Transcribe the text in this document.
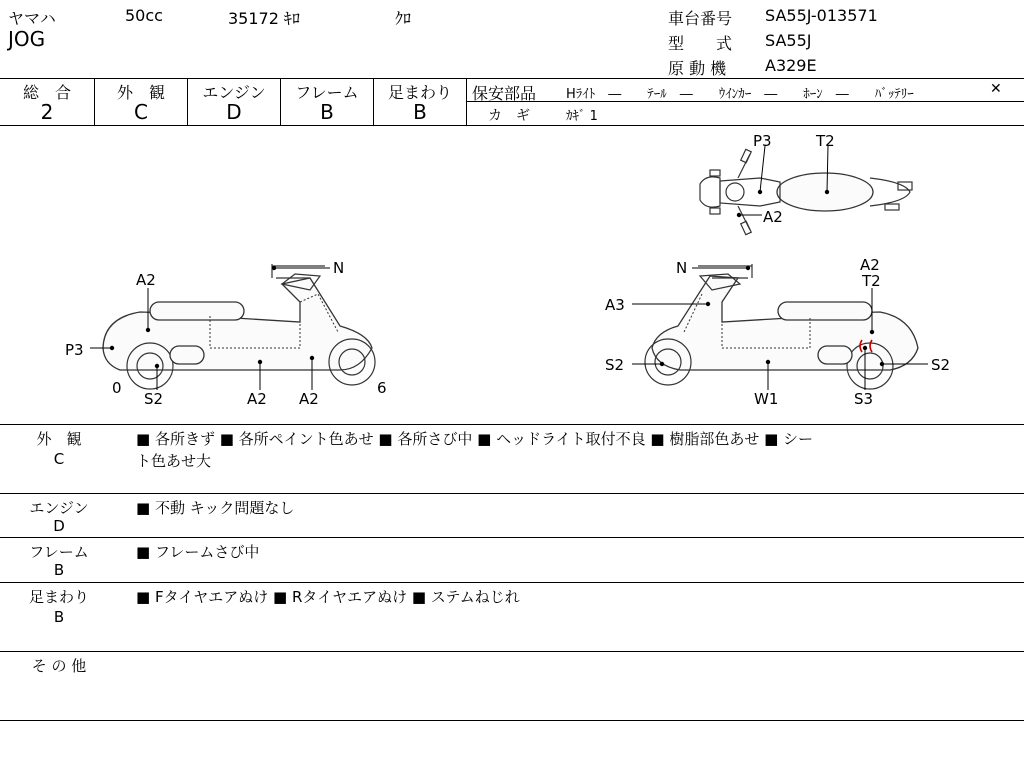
ヤマハ	50cc	35172 ｷﾛ	ｸﾛ
JOG
車台番号 SA55J-013571
型　　式 SA55J
原 動 機 A329E
総　合
2
外　観
C
エンジン
D
フレーム
B
足まわり
B
保安部品 Hﾗｲﾄ　―　　ﾃｰﾙ　―　　ｳｲﾝｶｰ　―　　ﾎｰﾝ　―　　ﾊﾞｯﾃﾘｰ	✕
カ　ギ	ｶｷﾞ 1
P3	T2
A2
A2
N
P3
0
S2	A2 A2
6
N
A3
A2
T2
S2	S2
W1	S3
外　観
C
■ 各所きず ■ 各所ペイント色あせ ■ 各所さび中 ■ ヘッドライト取付不良 ■ 樹脂部色あせ ■ シー
ト色あせ大
エンジン
D
■ 不動 キック問題なし
フレーム
B
■ フレームさび中
足まわり
B
■ Fタイヤエアぬけ ■ Rタイヤエアぬけ ■ ステムねじれ
そ の 他
